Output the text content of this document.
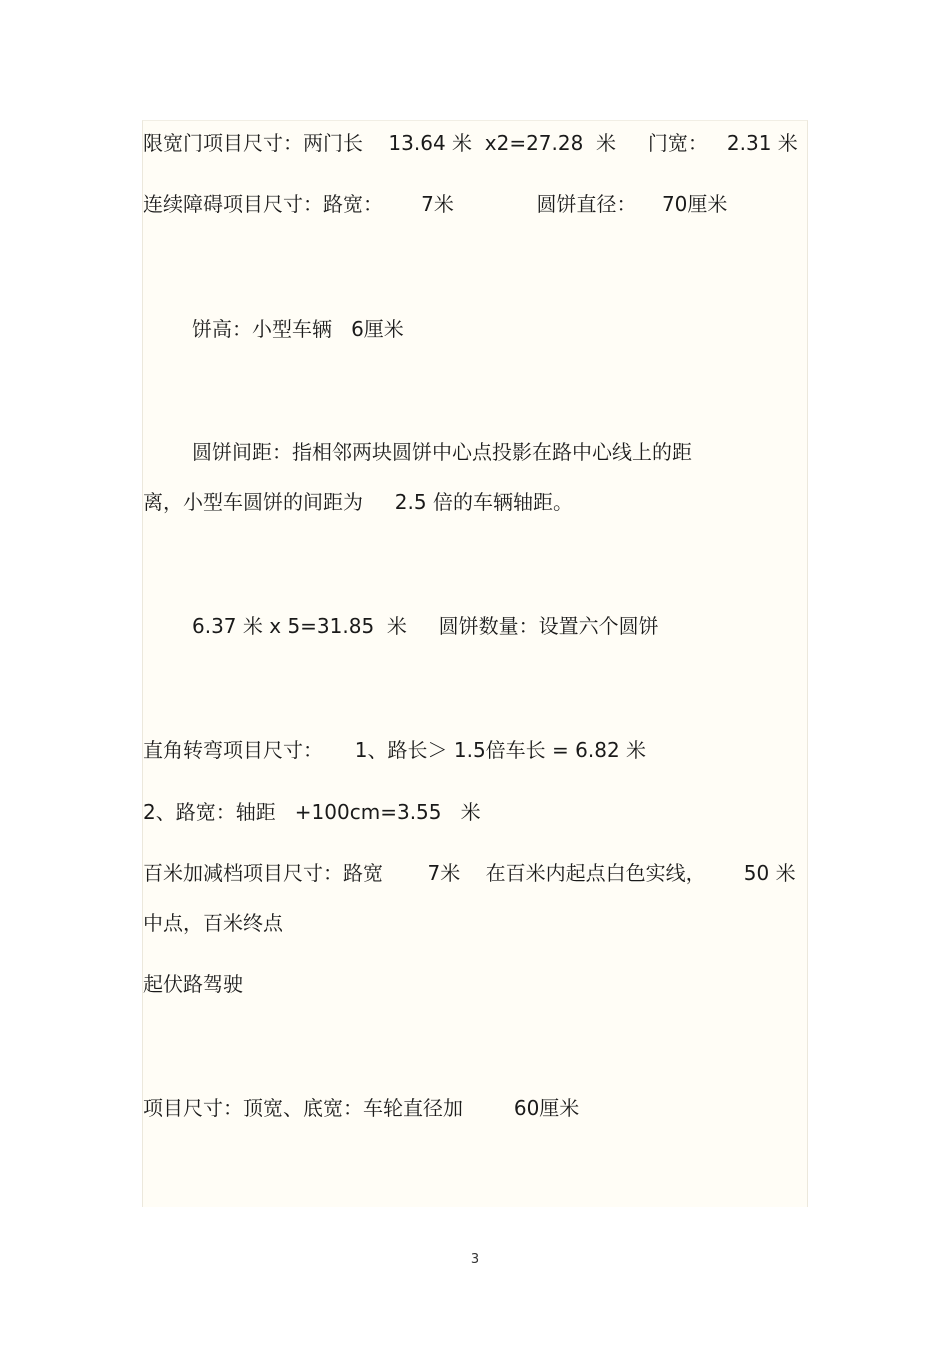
限宽门项目尺寸：两门长    13.64 米  x2=27.28  米     门宽：   2.31 米
连续障碍项目尺寸：路宽：      7米             圆饼直径：    70厘米
饼高：小型车辆   6厘米
圆饼间距：指相邻两块圆饼中心点投影在路中心线上的距
离，小型车圆饼的间距为     2.5 倍的车辆轴距。
6.37 米 x 5=31.85  米     圆饼数量：设置六个圆饼
直角转弯项目尺寸：     1、路长＞ 1.5倍车长 = 6.82 米
2、路宽：轴距   +100cm=3.55   米
百米加减档项目尺寸：路宽       7米    在百米内起点白色实线，      50 米
中点，百米终点
起伏路驾驶
项目尺寸：顶宽、底宽：车轮直径加        60厘米
3
